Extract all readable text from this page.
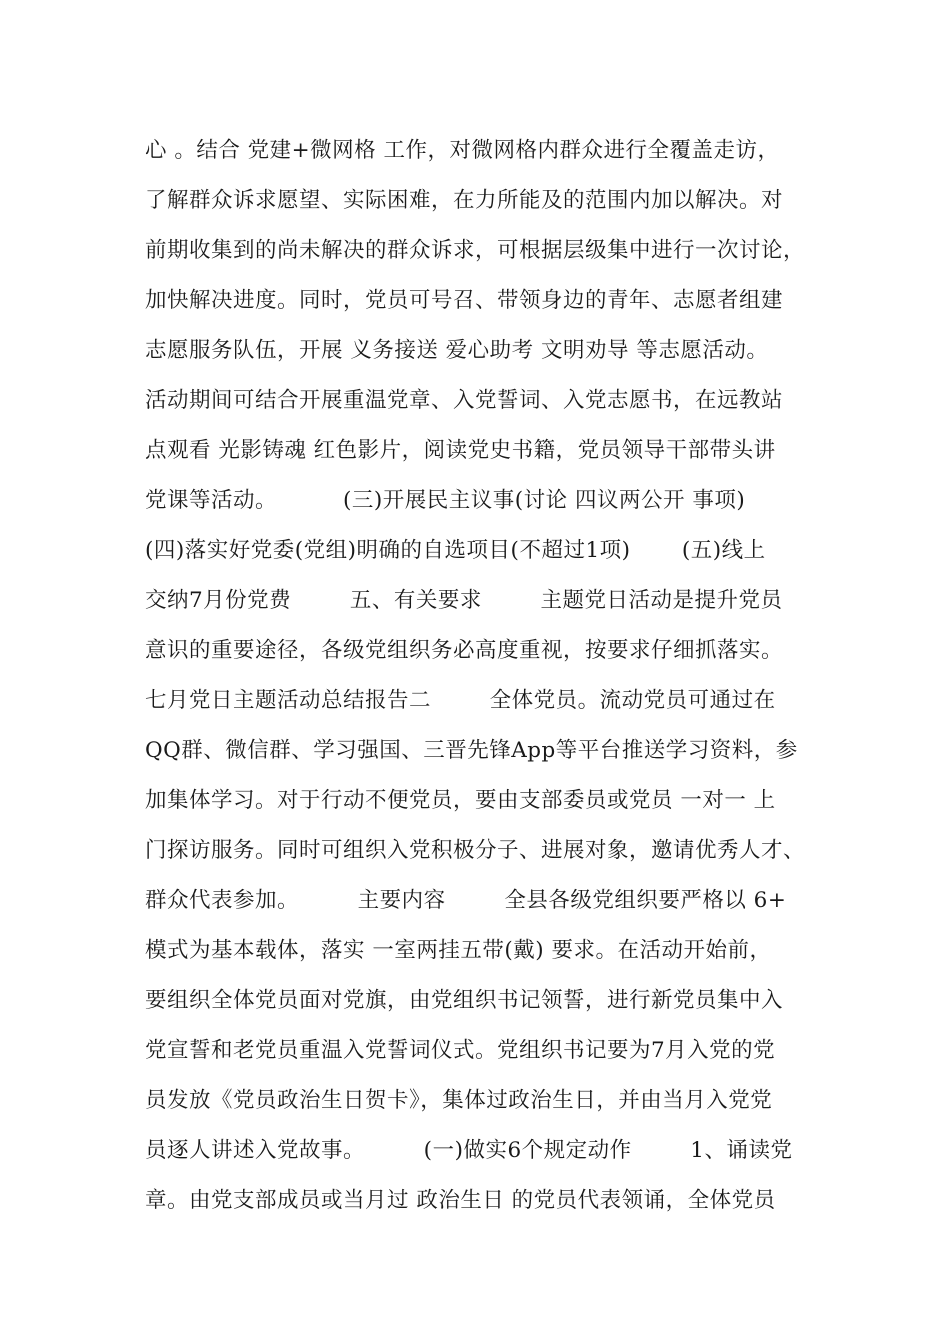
心 。结合 党建+微网格 工作，对微网格内群众进行全覆盖走访，
了解群众诉求愿望、实际困难，在力所能及的范围内加以解决。对
前期收集到的尚未解决的群众诉求，可根据层级集中进行一次讨论，
加快解决进度。同时，党员可号召、带领身边的青年、志愿者组建
志愿服务队伍，开展 义务接送 爱心助考 文明劝导 等志愿活动。
活动期间可结合开展重温党章、入党誓词、入党志愿书，在远教站
点观看 光影铸魂 红色影片，阅读党史书籍，党员领导干部带头讲
党课等活动。         (三)开展民主议事(讨论 四议两公开 事项)
(四)落实好党委(党组)明确的自选项目(不超过1项)       (五)线上
交纳7月份党费        五、有关要求        主题党日活动是提升党员
意识的重要途径，各级党组织务必高度重视，按要求仔细抓落实。
七月党日主题活动总结报告二        全体党员。流动党员可通过在
QQ群、微信群、学习强国、三晋先锋App等平台推送学习资料，参
加集体学习。对于行动不便党员，要由支部委员或党员 一对一 上
门探访服务。同时可组织入党积极分子、进展对象，邀请优秀人才、
群众代表参加。        主要内容        全县各级党组织要严格以 6+
模式为基本载体，落实 一室两挂五带(戴) 要求。在活动开始前，
要组织全体党员面对党旗，由党组织书记领誓，进行新党员集中入
党宣誓和老党员重温入党誓词仪式。党组织书记要为7月入党的党
员发放《党员政治生日贺卡》，集体过政治生日，并由当月入党党
员逐人讲述入党故事。        (一)做实6个规定动作        1、诵读党
章。由党支部成员或当月过 政治生日 的党员代表领诵，全体党员
